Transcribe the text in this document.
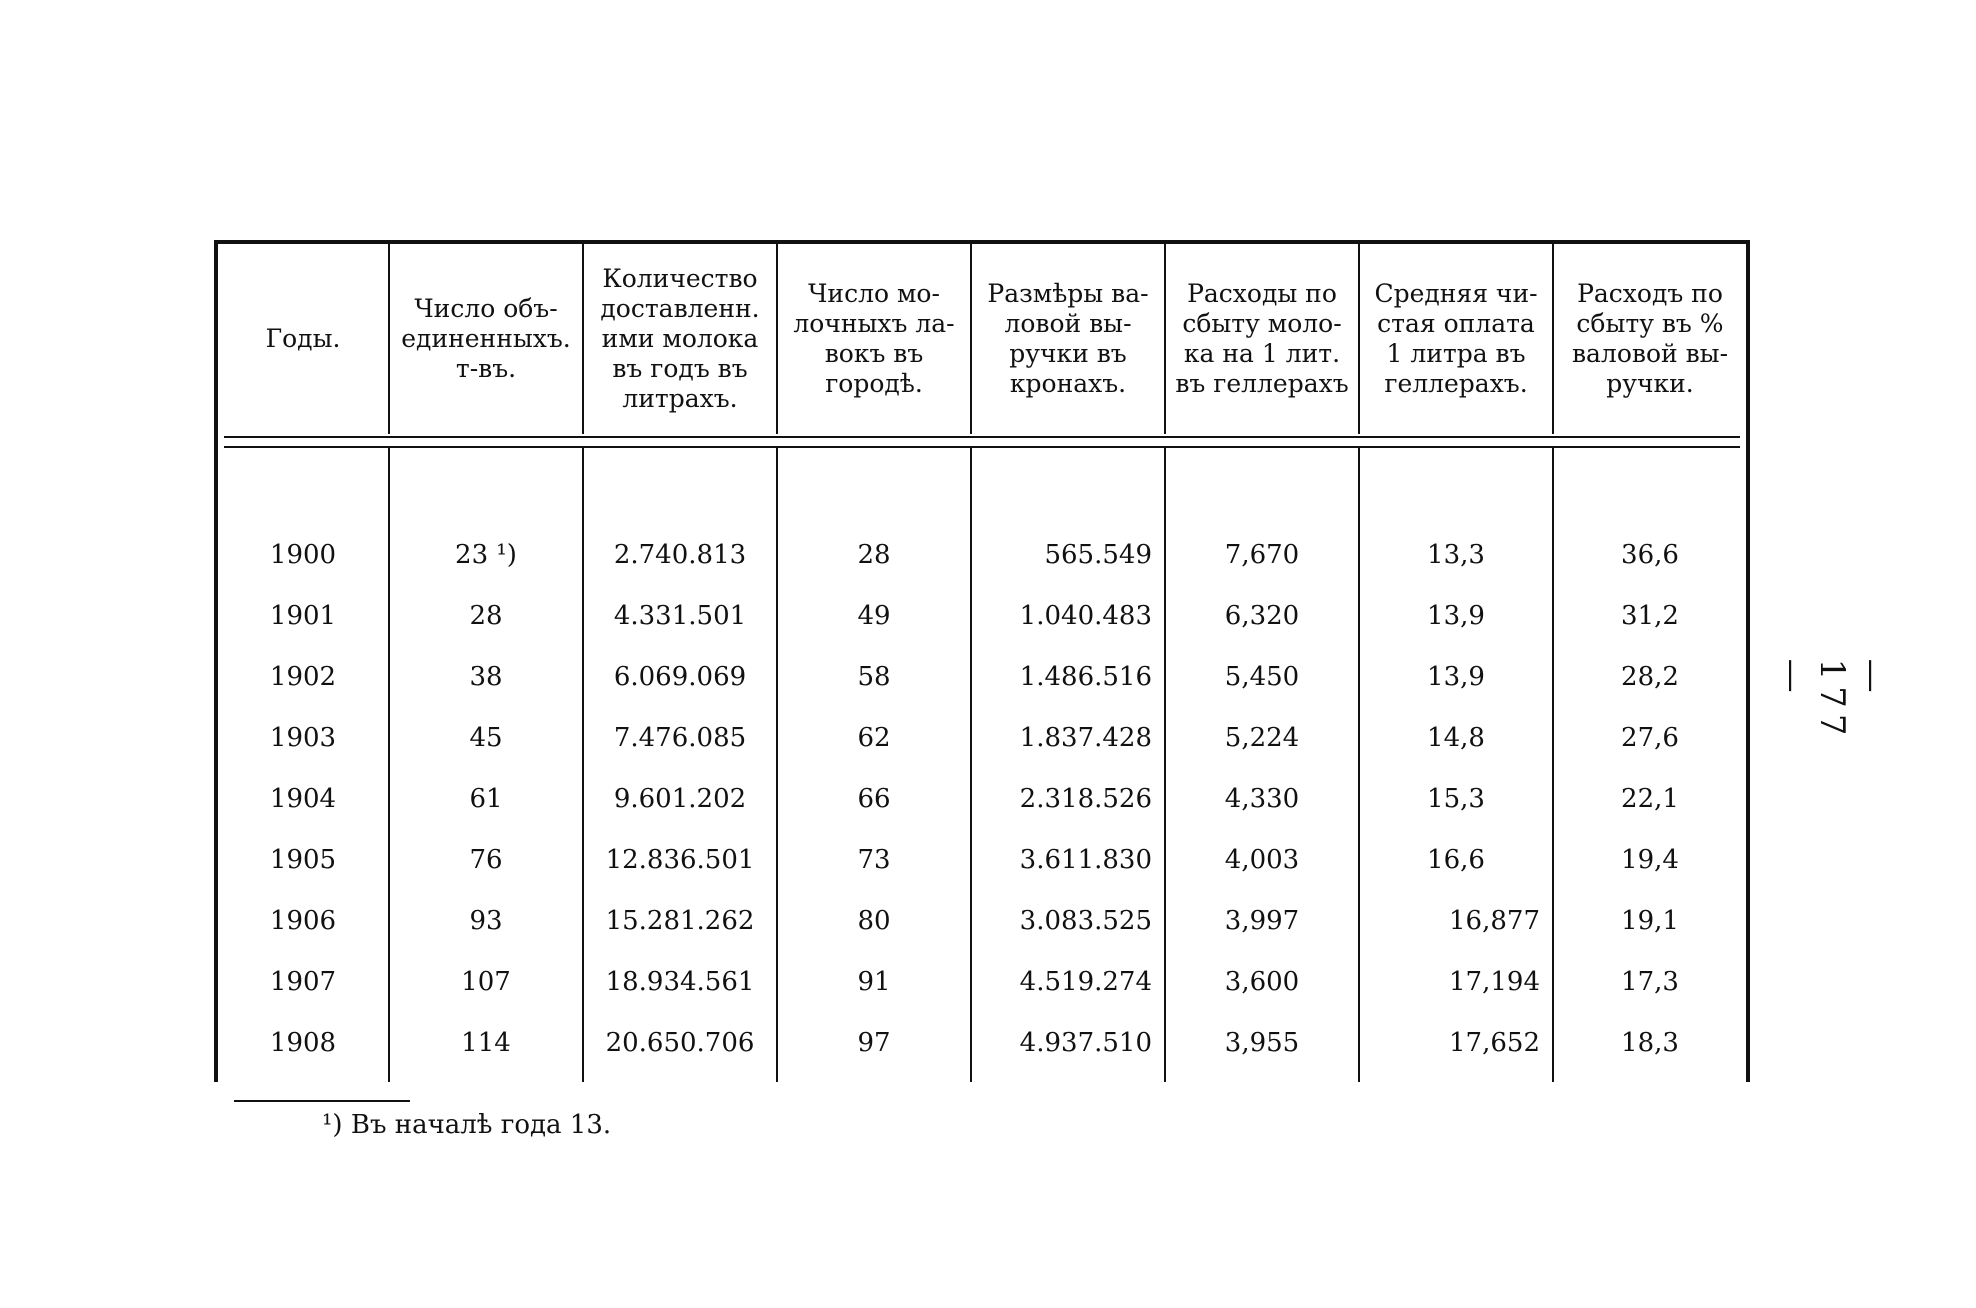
Годы.
Число объ-
единенныхъ.
т-въ.
Количество
доставленн.
ими молока
въ годъ въ
литрахъ.
Число мо-
лочныхъ ла-
вокъ въ
городѣ.
Размѣры ва-
ловой вы-
ручки въ
кронахъ.
Расходы по
сбыту моло-
ка на 1 лит.
въ геллерахъ
Средняя чи-
стая оплата
1 литра въ
геллерахъ.
Расходъ по
сбыту въ %
валовой вы-
ручки.
1900
1901
1902
1903
1904
1905
1906
1907
1908
23 ¹)
28
38
45
61
76
93
107
114
2.740.813
4.331.501
6.069.069
7.476.085
9.601.202
12.836.501
15.281.262
18.934.561
20.650.706
28
49
58
62
66
73
80
91
97
565.549
1.040.483
1.486.516
1.837.428
2.318.526
3.611.830
3.083.525
4.519.274
4.937.510
7,670
6,320
5,450
5,224
4,330
4,003
3,997
3,600
3,955
13,3
13,9
13,9
14,8
15,3
16,6
16,877
17,194
17,652
36,6
31,2
28,2
27,6
22,1
19,4
19,1
17,3
18,3
¹) Въ началѣ года 13.
— 177 —
